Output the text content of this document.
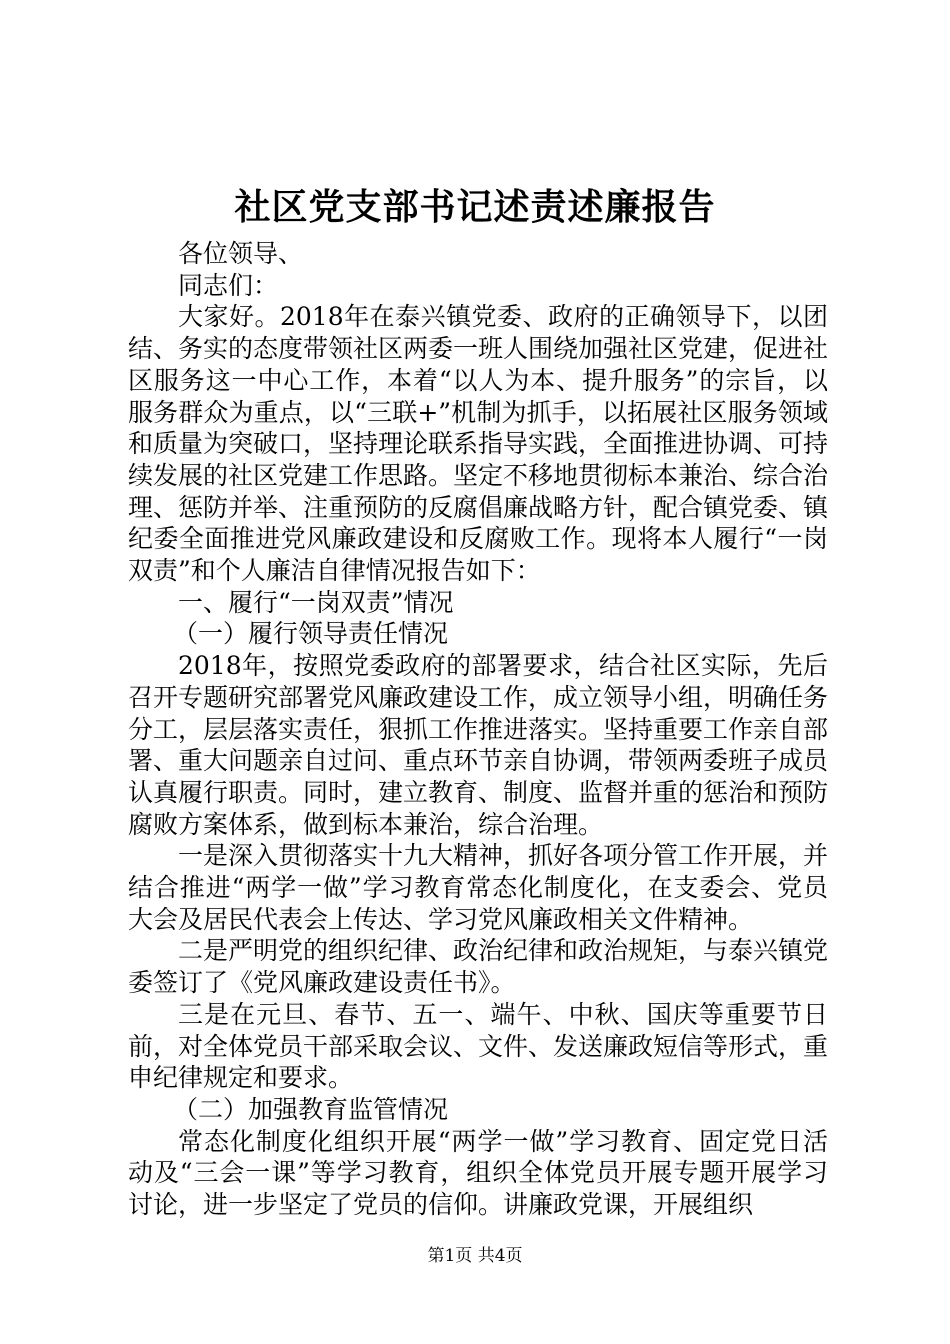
社区党支部书记述责述廉报告

各位领导、

同志们：

大家好。2018年在泰兴镇党委、政府的正确领导下，以团结、务实的态度带领社区两委一班人围绕加强社区党建，促进社区服务这一中心工作，本着“以人为本、提升服务”的宗旨，以服务群众为重点，以“三联+”机制为抓手，以拓展社区服务领域和质量为突破口，坚持理论联系指导实践，全面推进协调、可持续发展的社区党建工作思路。坚定不移地贯彻标本兼治、综合治理、惩防并举、注重预防的反腐倡廉战略方针，配合镇党委、镇纪委全面推进党风廉政建设和反腐败工作。现将本人履行“一岗双责”和个人廉洁自律情况报告如下：

一、履行“一岗双责”情况

（一）履行领导责任情况

2018年，按照党委政府的部署要求，结合社区实际，先后召开专题研究部署党风廉政建设工作，成立领导小组，明确任务分工，层层落实责任，狠抓工作推进落实。坚持重要工作亲自部署、重大问题亲自过问、重点环节亲自协调，带领两委班子成员认真履行职责。同时，建立教育、制度、监督并重的惩治和预防腐败方案体系，做到标本兼治，综合治理。

一是深入贯彻落实十九大精神，抓好各项分管工作开展，并结合推进“两学一做”学习教育常态化制度化，在支委会、党员大会及居民代表会上传达、学习党风廉政相关文件精神。

二是严明党的组织纪律、政治纪律和政治规矩，与泰兴镇党委签订了《党风廉政建设责任书》。

三是在元旦、春节、五一、端午、中秋、国庆等重要节日前，对全体党员干部采取会议、文件、发送廉政短信等形式，重申纪律规定和要求。

（二）加强教育监管情况

常态化制度化组织开展“两学一做”学习教育、固定党日活动及“三会一课”等学习教育，组织全体党员开展专题开展学习讨论，进一步坚定了党员的信仰。讲廉政党课，开展组织

第1页 共4页
